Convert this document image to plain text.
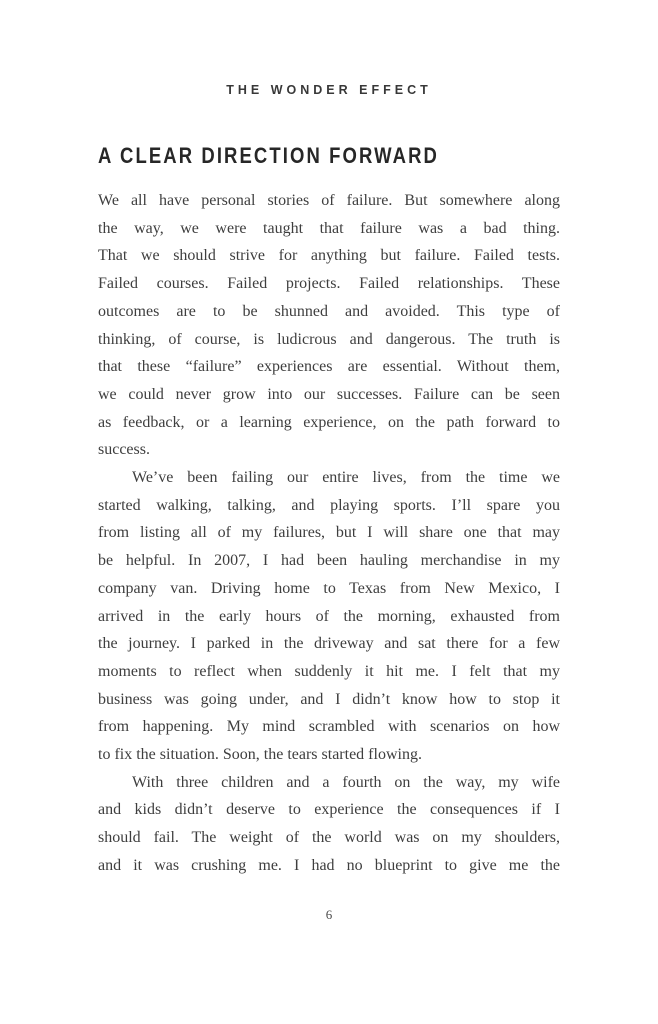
THE WONDER EFFECT
A CLEAR DIRECTION FORWARD
We all have personal stories of failure. But somewhere along
the way, we were taught that failure was a bad thing.
That we should strive for anything but failure. Failed tests.
Failed courses. Failed projects. Failed relationships. These
outcomes are to be shunned and avoided. This type of
thinking, of course, is ludicrous and dangerous. The truth is
that these “failure” experiences are essential. Without them,
we could never grow into our successes. Failure can be seen
as feedback, or a learning experience, on the path forward to
success.
We’ve been failing our entire lives, from the time we
started walking, talking, and playing sports. I’ll spare you
from listing all of my failures, but I will share one that may
be helpful. In 2007, I had been hauling merchandise in my
company van. Driving home to Texas from New Mexico, I
arrived in the early hours of the morning, exhausted from
the journey. I parked in the driveway and sat there for a few
moments to reflect when suddenly it hit me. I felt that my
business was going under, and I didn’t know how to stop it
from happening. My mind scrambled with scenarios on how
to fix the situation. Soon, the tears started flowing.
With three children and a fourth on the way, my wife
and kids didn’t deserve to experience the consequences if I
should fail. The weight of the world was on my shoulders,
and it was crushing me. I had no blueprint to give me the
6
